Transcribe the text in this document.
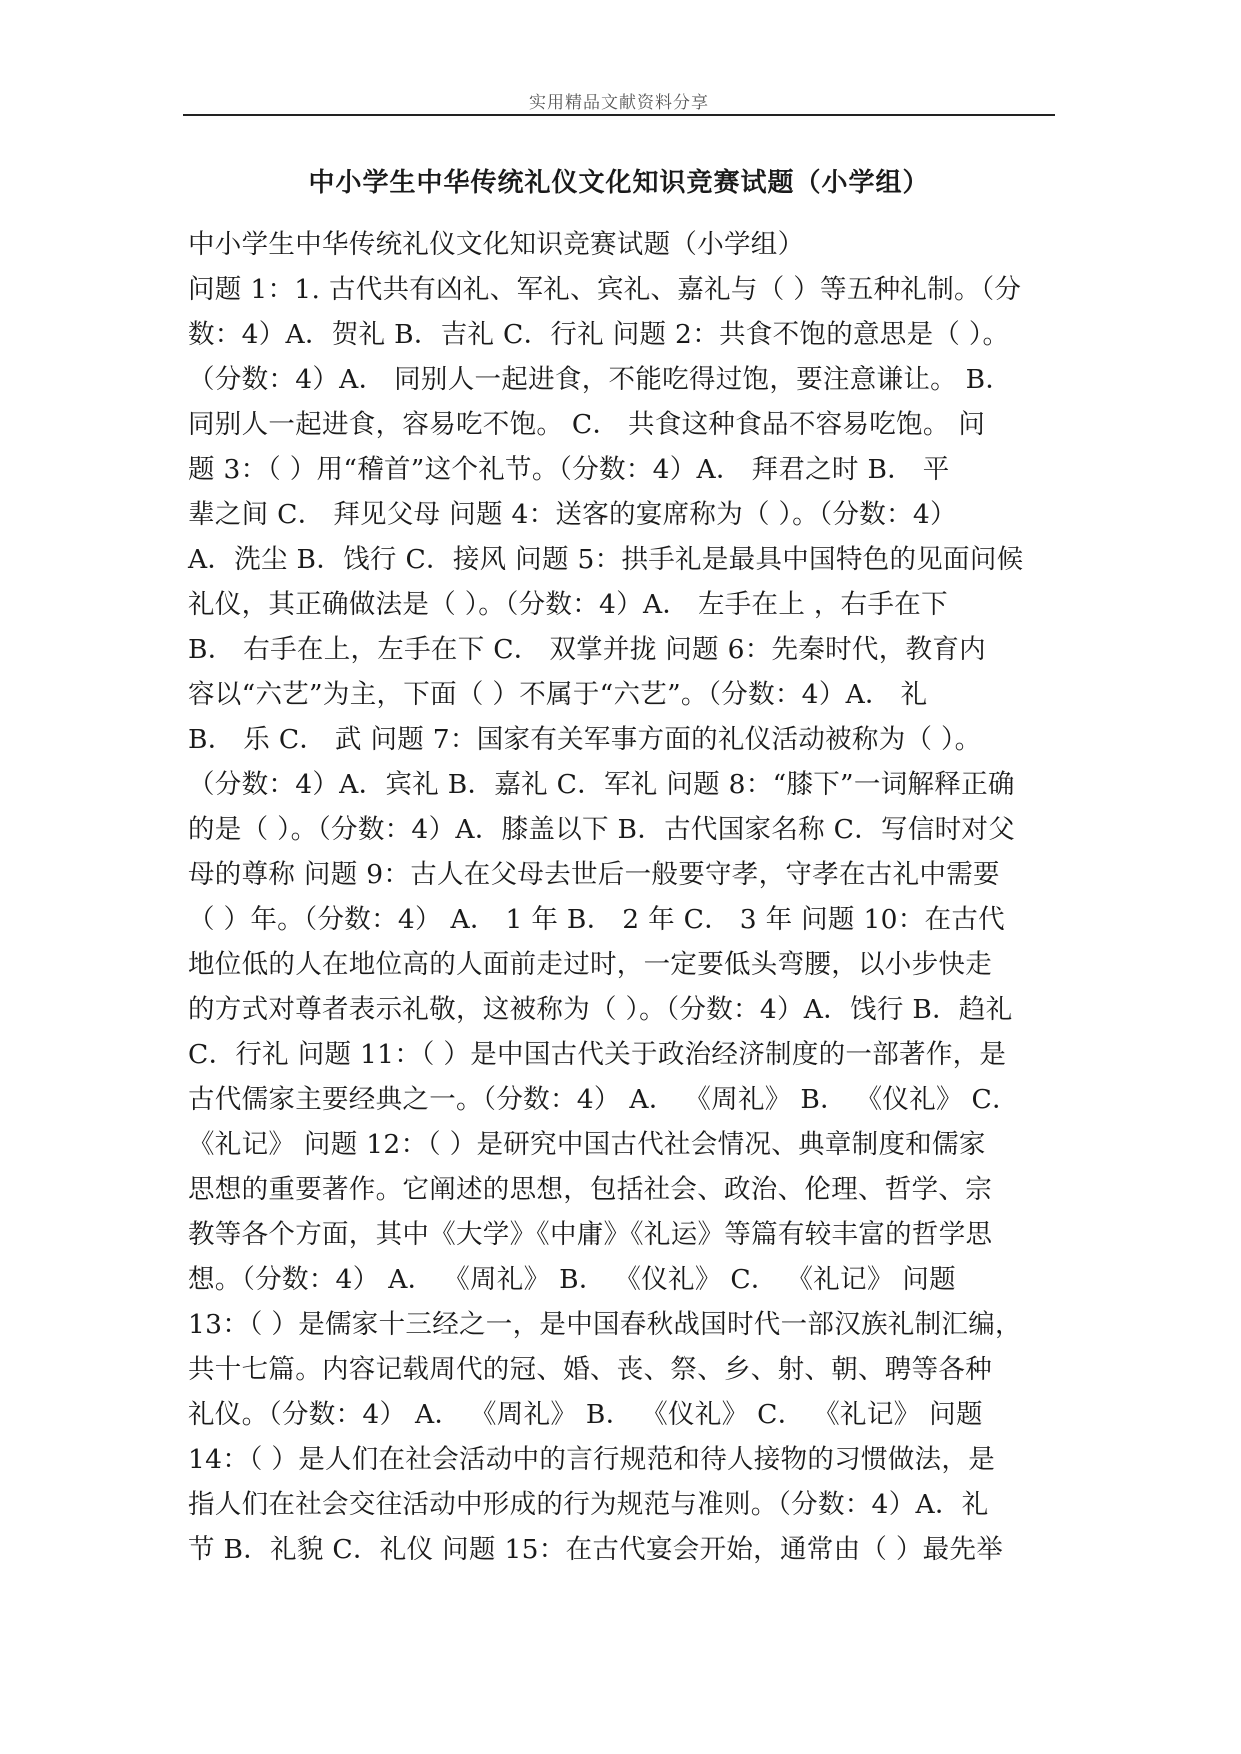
实用精品文献资料分享
中小学生中华传统礼仪文化知识竞赛试题（小学组）
中小学生中华传统礼仪文化知识竞赛试题（小学组）
问题 1：1. 古代共有凶礼、军礼、宾礼、嘉礼与（ ）等五种礼制。（分
数：4）A．贺礼 B．吉礼 C．行礼 问题 2：共食不饱的意思是（ ）。
（分数：4）A． 同别人一起进食，不能吃得过饱，要注意谦让。 B．
同别人一起进食，容易吃不饱。 C． 共食这种食品不容易吃饱。 问
题 3：（ ）用“稽首”这个礼节。（分数：4）A． 拜君之时 B． 平
辈之间 C． 拜见父母 问题 4：送客的宴席称为（ ）。（分数：4）
A．洗尘 B．饯行 C．接风 问题 5：拱手礼是最具中国特色的见面问候
礼仪，其正确做法是（ ）。（分数：4）A． 左手在上 ，右手在下
B． 右手在上，左手在下 C． 双掌并拢 问题 6：先秦时代，教育内
容以“六艺”为主，下面（ ）不属于“六艺”。（分数：4）A． 礼
B． 乐 C． 武 问题 7：国家有关军事方面的礼仪活动被称为（ ）。
（分数：4）A．宾礼 B．嘉礼 C．军礼 问题 8：“膝下”一词解释正确
的是（ ）。（分数：4）A．膝盖以下 B．古代国家名称 C．写信时对父
母的尊称 问题 9：古人在父母去世后一般要守孝，守孝在古礼中需要
（ ）年。（分数：4） A． 1 年 B． 2 年 C． 3 年 问题 10：在古代
地位低的人在地位高的人面前走过时，一定要低头弯腰，以小步快走
的方式对尊者表示礼敬，这被称为（ ）。（分数：4）A．饯行 B．趋礼
C．行礼 问题 11：（ ）是中国古代关于政治经济制度的一部著作，是
古代儒家主要经典之一。（分数：4） A． 《周礼》 B． 《仪礼》 C．
《礼记》 问题 12：（ ）是研究中国古代社会情况、典章制度和儒家
思想的重要著作。它阐述的思想，包括社会、政治、伦理、哲学、宗
教等各个方面，其中《大学》《中庸》《礼运》等篇有较丰富的哲学思
想。（分数：4） A． 《周礼》 B． 《仪礼》 C． 《礼记》 问题
13：（ ）是儒家十三经之一，是中国春秋战国时代一部汉族礼制汇编，
共十七篇。内容记载周代的冠、婚、丧、祭、乡、射、朝、聘等各种
礼仪。（分数：4） A． 《周礼》 B． 《仪礼》 C． 《礼记》 问题
14：（ ）是人们在社会活动中的言行规范和待人接物的习惯做法，是
指人们在社会交往活动中形成的行为规范与准则。（分数：4）A．礼
节 B．礼貌 C．礼仪 问题 15：在古代宴会开始，通常由（ ）最先举
